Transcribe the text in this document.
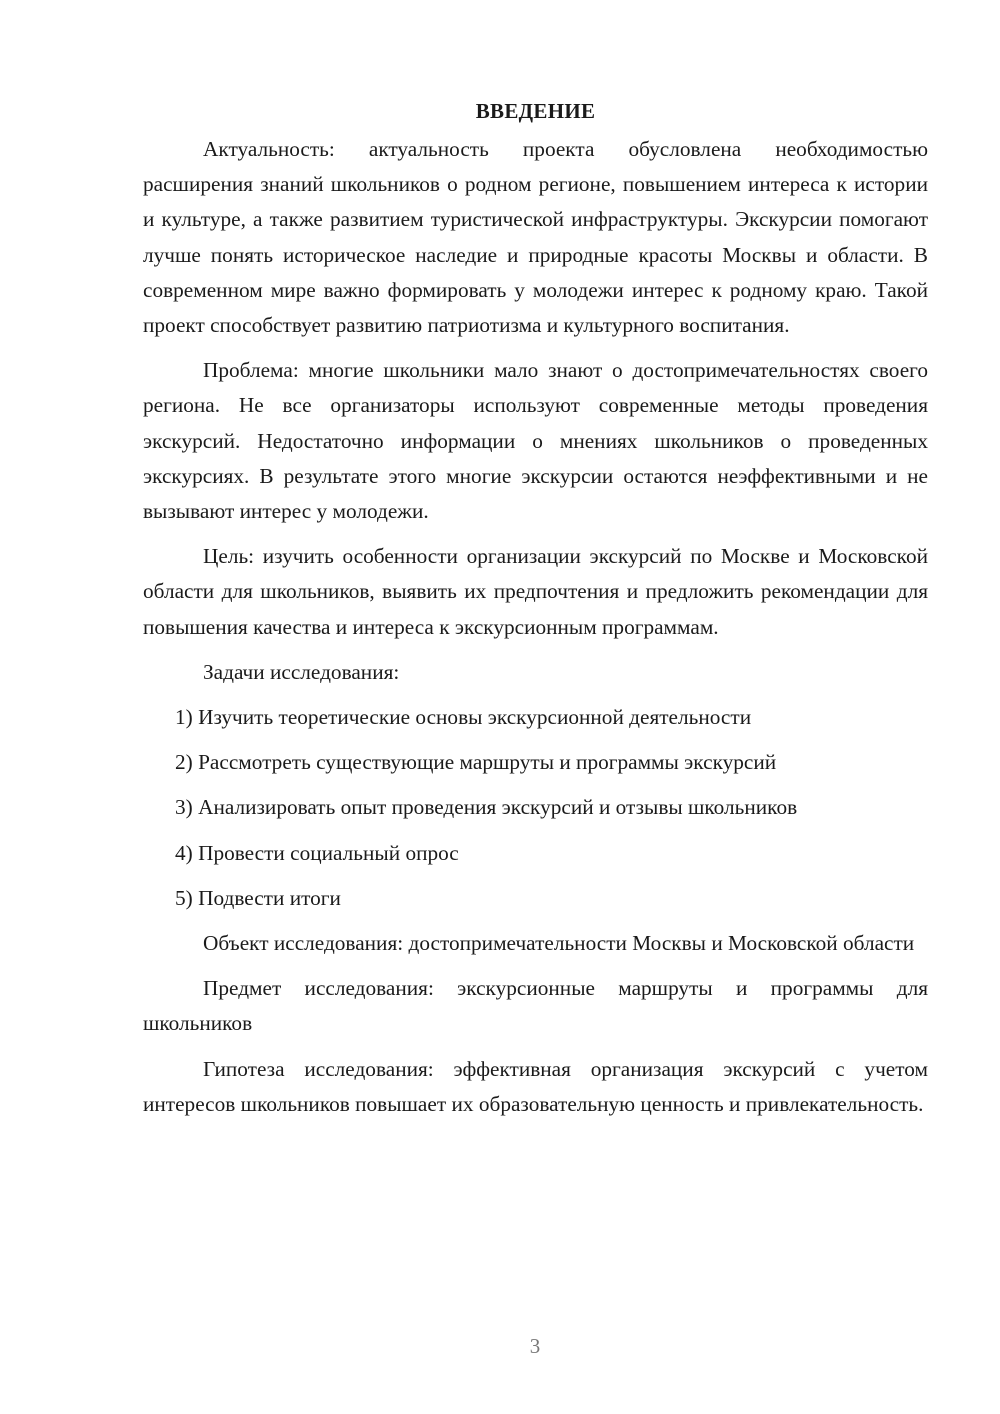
ВВЕДЕНИЕ

Актуальность: актуальность проекта обусловлена необходимостью расширения знаний школьников о родном регионе, повышением интереса к истории и культуре, а также развитием туристической инфраструктуры. Экскурсии помогают лучше понять историческое наследие и природные красоты Москвы и области. В современном мире важно формировать у молодежи интерес к родному краю. Такой проект способствует развитию патриотизма и культурного воспитания.

Проблема: многие школьники мало знают о достопримечательностях своего региона. Не все организаторы используют современные методы проведения экскурсий. Недостаточно информации о мнениях школьников о проведенных экскурсиях. В результате этого многие экскурсии остаются неэффективными и не вызывают интерес у молодежи.

Цель: изучить особенности организации экскурсий по Москве и Московской области для школьников, выявить их предпочтения и предложить рекомендации для повышения качества и интереса к экскурсионным программам.

Задачи исследования:

1) Изучить теоретические основы экскурсионной деятельности
2) Рассмотреть существующие маршруты и программы экскурсий
3) Анализировать опыт проведения экскурсий и отзывы школьников
4) Провести социальный опрос
5) Подвести итоги

Объект исследования: достопримечательности Москвы и Московской области

Предмет исследования: экскурсионные маршруты и программы для школьников

Гипотеза исследования: эффективная организация экскурсий с учетом интересов школьников повышает их образовательную ценность и привлекательность.

3
